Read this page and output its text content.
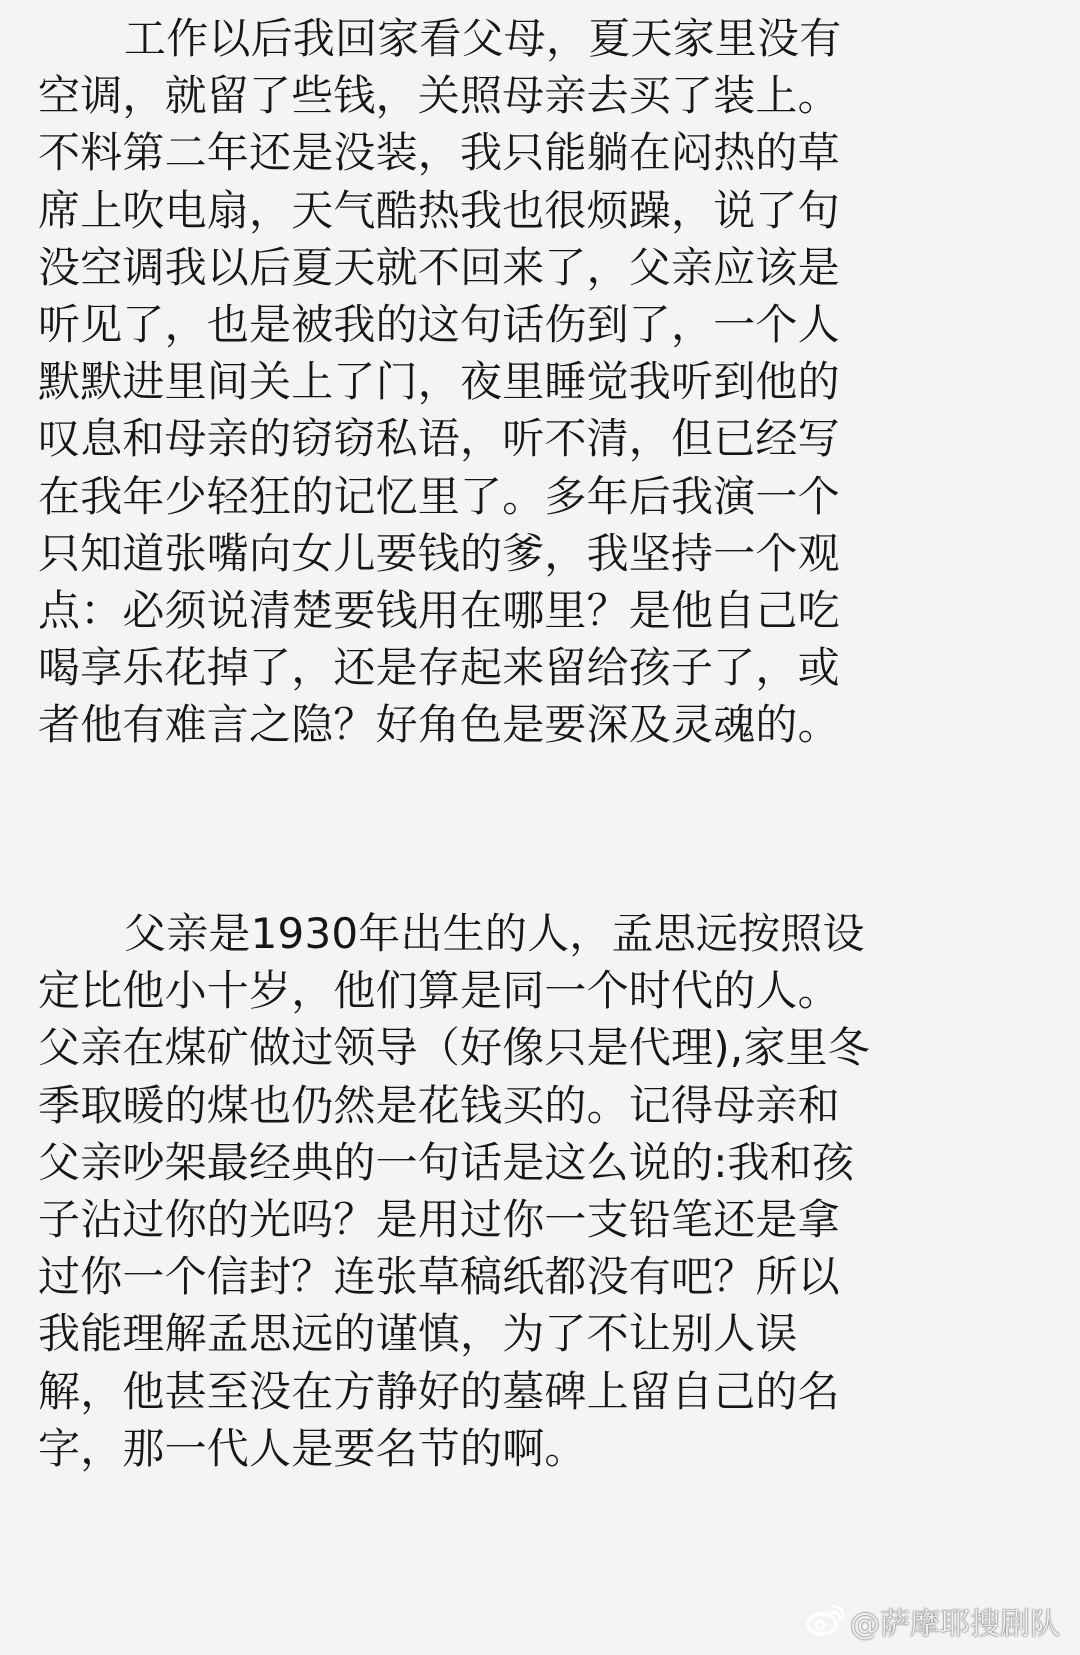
工作以后我回家看父母，夏天家里没有
空调，就留了些钱，关照母亲去买了装上。
不料第二年还是没装，我只能躺在闷热的草
席上吹电扇，天气酷热我也很烦躁，说了句
没空调我以后夏天就不回来了，父亲应该是
听见了，也是被我的这句话伤到了，一个人
默默进里间关上了门，夜里睡觉我听到他的
叹息和母亲的窃窃私语，听不清，但已经写
在我年少轻狂的记忆里了。多年后我演一个
只知道张嘴向女儿要钱的爹，我坚持一个观
点：必须说清楚要钱用在哪里？是他自己吃
喝享乐花掉了，还是存起来留给孩子了，或
者他有难言之隐？好角色是要深及灵魂的。
父亲是1930年出生的人，孟思远按照设
定比他小十岁，他们算是同一个时代的人。
父亲在煤矿做过领导（好像只是代理),家里冬
季取暖的煤也仍然是花钱买的。记得母亲和
父亲吵架最经典的一句话是这么说的:我和孩
子沾过你的光吗？是用过你一支铅笔还是拿
过你一个信封？连张草稿纸都没有吧？所以
我能理解孟思远的谨慎，为了不让别人误
解，他甚至没在方静好的墓碑上留自己的名
字，那一代人是要名节的啊。
@萨摩耶搜剧队
